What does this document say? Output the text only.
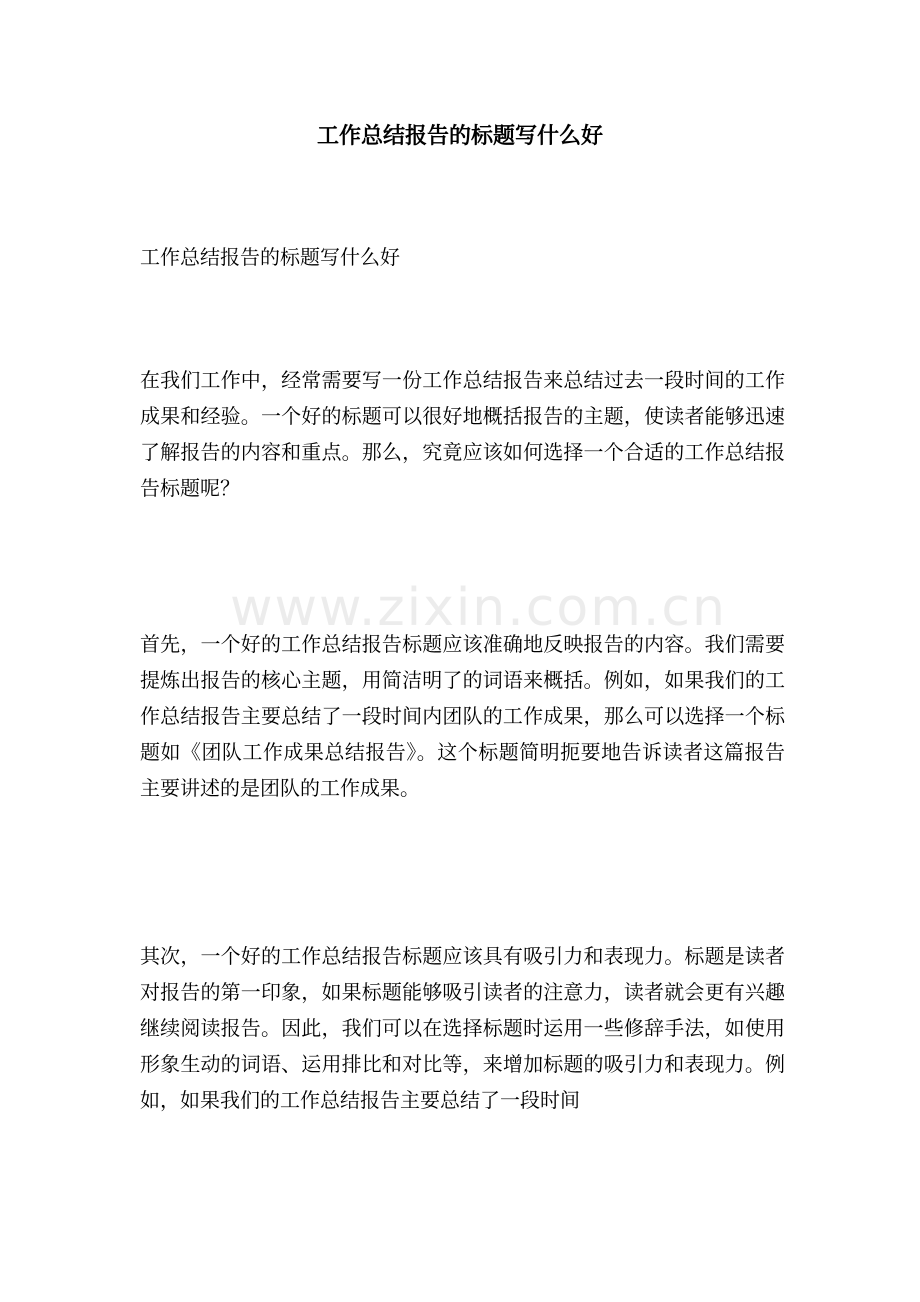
www.zixin.com.cn
工作总结报告的标题写什么好

工作总结报告的标题写什么好

在我们工作中，经常需要写一份工作总结报告来总结过去一段时间的工作成果和经验。一个好的标题可以很好地概括报告的主题，使读者能够迅速了解报告的内容和重点。那么，究竟应该如何选择一个合适的工作总结报告标题呢？

首先，一个好的工作总结报告标题应该准确地反映报告的内容。我们需要提炼出报告的核心主题，用简洁明了的词语来概括。例如，如果我们的工作总结报告主要总结了一段时间内团队的工作成果，那么可以选择一个标题如《团队工作成果总结报告》。这个标题简明扼要地告诉读者这篇报告主要讲述的是团队的工作成果。

其次，一个好的工作总结报告标题应该具有吸引力和表现力。标题是读者对报告的第一印象，如果标题能够吸引读者的注意力，读者就会更有兴趣继续阅读报告。因此，我们可以在选择标题时运用一些修辞手法，如使用形象生动的词语、运用排比和对比等，来增加标题的吸引力和表现力。例如，如果我们的工作总结报告主要总结了一段时间
